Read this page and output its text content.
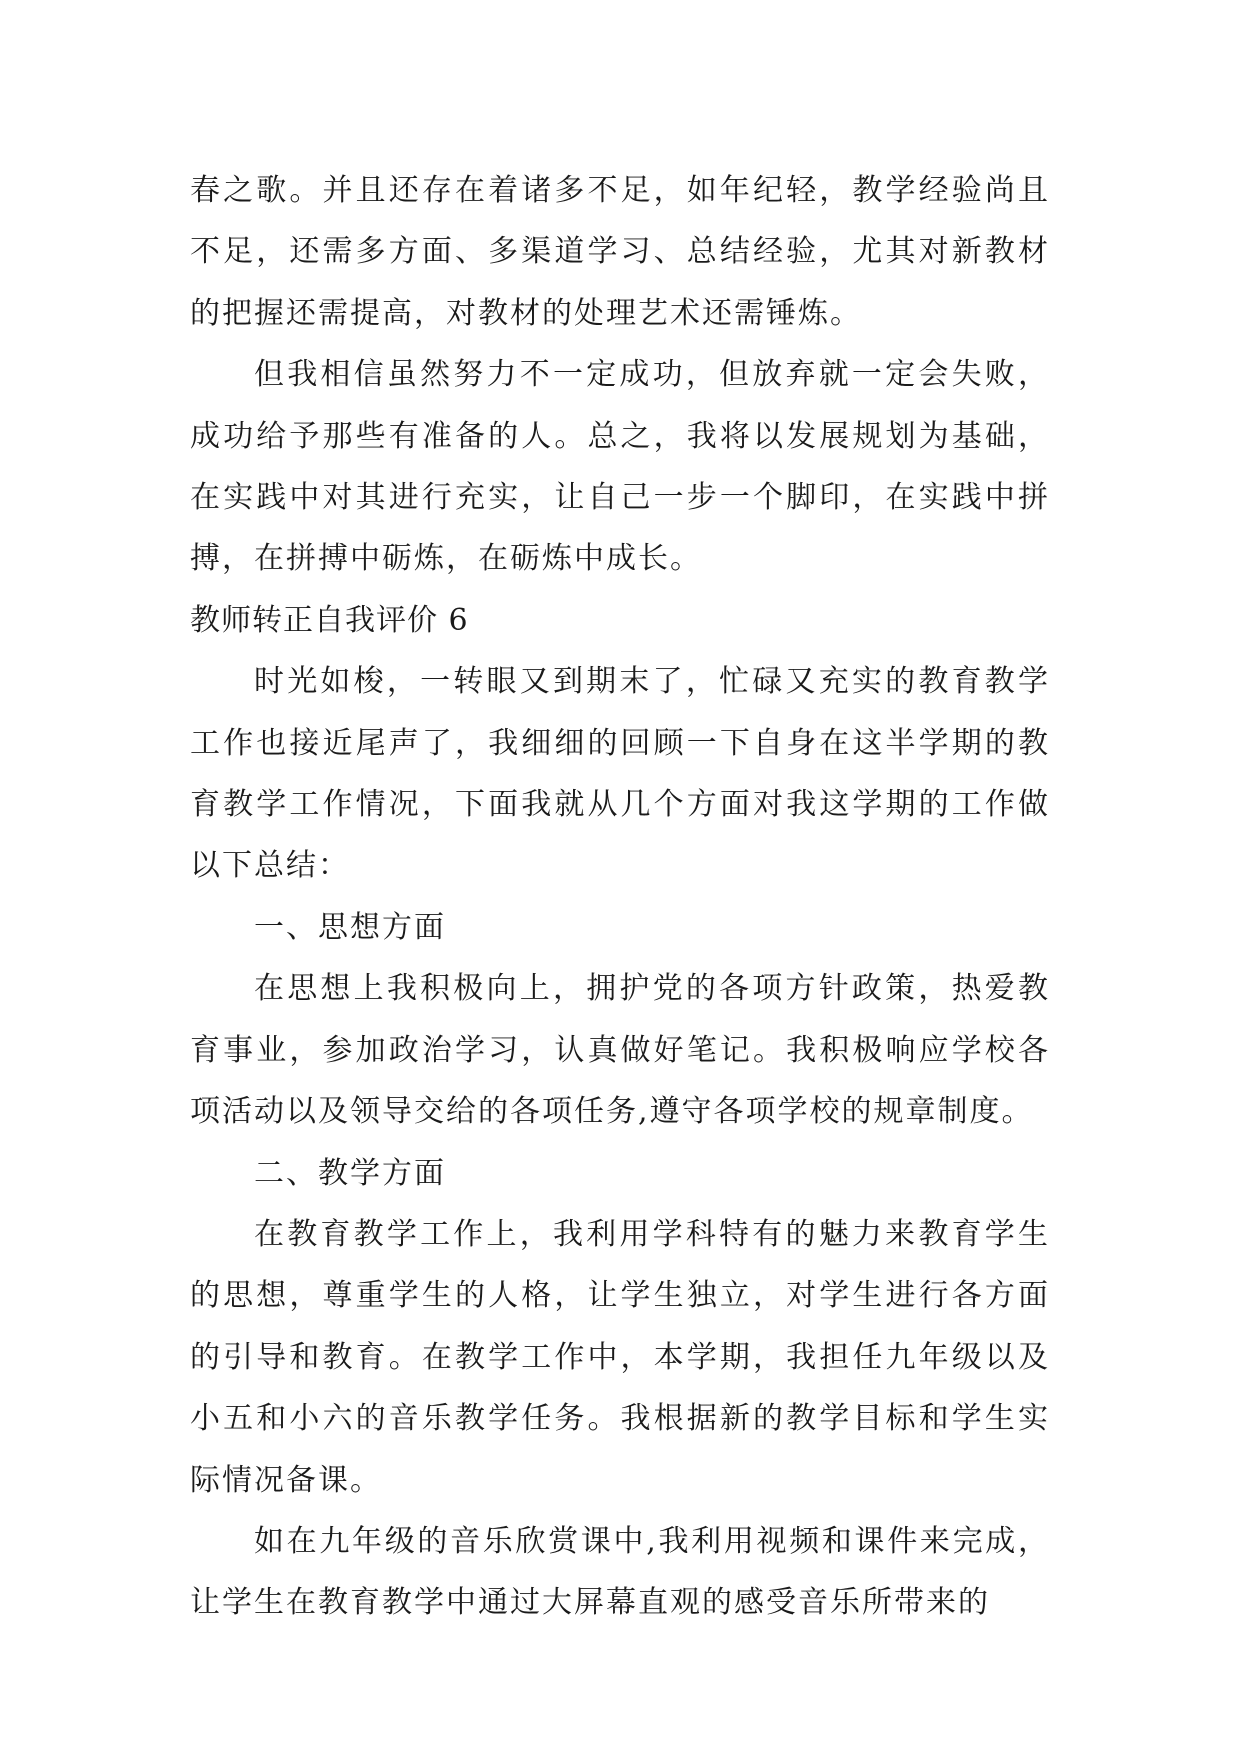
春之歌。并且还存在着诸多不足，如年纪轻，教学经验尚且不足，还需多方面、多渠道学习、总结经验，尤其对新教材的把握还需提高，对教材的处理艺术还需锤炼。

但我相信虽然努力不一定成功，但放弃就一定会失败，成功给予那些有准备的人。总之，我将以发展规划为基础，在实践中对其进行充实，让自己一步一个脚印，在实践中拼搏，在拼搏中砺炼，在砺炼中成长。

教师转正自我评价 6

时光如梭，一转眼又到期末了，忙碌又充实的教育教学工作也接近尾声了，我细细的回顾一下自身在这半学期的教育教学工作情况，下面我就从几个方面对我这学期的工作做以下总结：

一、思想方面

在思想上我积极向上，拥护党的各项方针政策，热爱教育事业，参加政治学习，认真做好笔记。我积极响应学校各项活动以及领导交给的各项任务,遵守各项学校的规章制度。

二、教学方面

在教育教学工作上，我利用学科特有的魅力来教育学生的思想，尊重学生的人格，让学生独立，对学生进行各方面的引导和教育。在教学工作中，本学期，我担任九年级以及小五和小六的音乐教学任务。我根据新的教学目标和学生实际情况备课。

如在九年级的音乐欣赏课中,我利用视频和课件来完成，让学生在教育教学中通过大屏幕直观的感受音乐所带来的
